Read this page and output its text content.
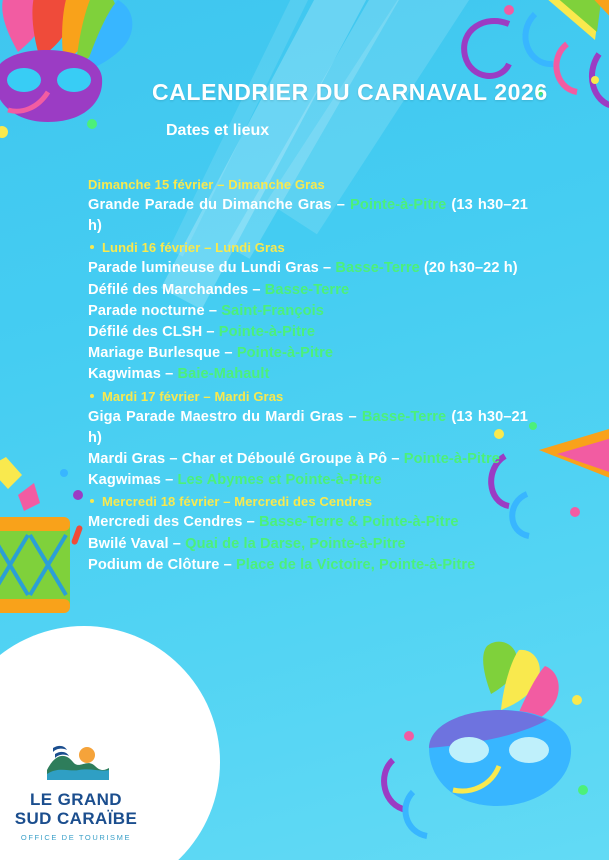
CALENDRIER DU CARNAVAL 2026
Dates et lieux
Dimanche 15 février – Dimanche Gras
Grande Parade du Dimanche Gras – Pointe-à-Pitre (13 h30–21 h)
Lundi 16 février – Lundi Gras
Parade lumineuse du Lundi Gras – Basse-Terre (20 h30–22 h)
Défilé des Marchandes – Basse-Terre
Parade nocturne – Saint-François
Défilé des CLSH – Pointe-à-Pitre
Mariage Burlesque – Pointe-à-Pitre
Kagwimas – Baie-Mahault
Mardi 17 février – Mardi Gras
Giga Parade Maestro du Mardi Gras – Basse-Terre (13 h30–21 h)
Mardi Gras – Char et Déboulé Groupe à Pô – Pointe-à-Pitre
Kagwimas – Les Abymes et Pointe-à-Pitre
Mercredi 18 février – Mercredi des Cendres
Mercredi des Cendres – Basse-Terre & Pointe-à-Pitre
Bwilé Vaval – Quai de la Darse, Pointe-à-Pitre
Podium de Clôture – Place de la Victoire, Pointe-à-Pitre
LE GRAND
SUD CARAÏBE
OFFICE DE TOURISME
